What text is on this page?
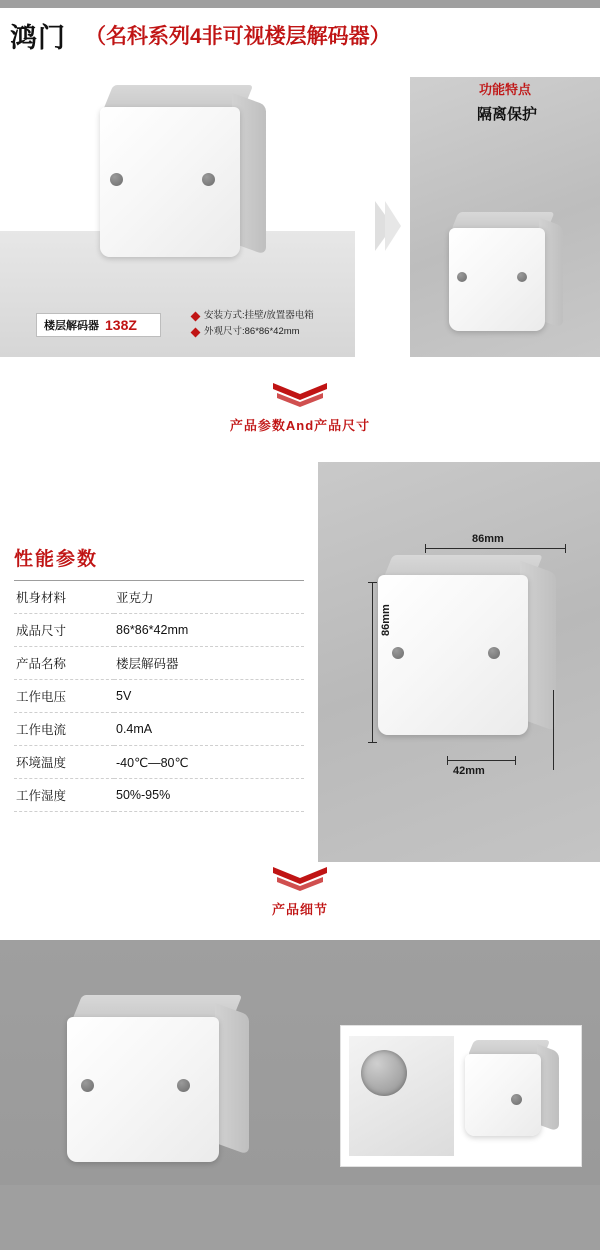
鸿门 （名科系列4非可视楼层解码器）
功能特点
隔离保护
楼层解码器 138Z
安装方式:挂壁/放置器电箱
外观尺寸:86*86*42mm
产品参数And产品尺寸
性能参数
机身材料	亚克力
成品尺寸	86*86*42mm
产品名称	楼层解码器
工作电压	5V
工作电流	0.4mA
环境温度	-40℃—80℃
工作湿度	50%-95%
86mm
86mm
42mm
产品细节
